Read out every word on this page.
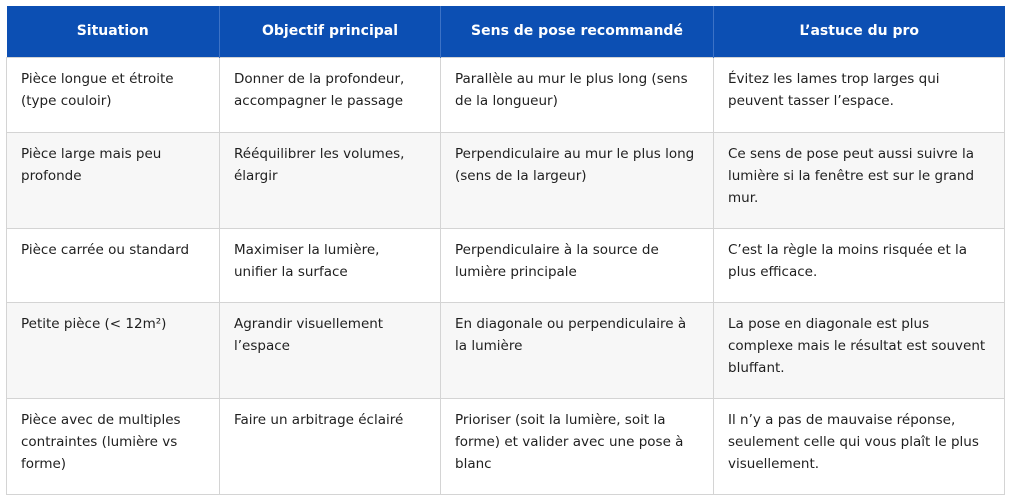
Situation	Objectif principal	Sens de pose recommandé	L’astuce du pro
Pièce longue et étroite (type couloir)	Donner de la profondeur, accompagner le passage	Parallèle au mur le plus long (sens de la longueur)	Évitez les lames trop larges qui peuvent tasser l’espace.
Pièce large mais peu profonde	Rééquilibrer les volumes, élargir	Perpendiculaire au mur le plus long (sens de la largeur)	Ce sens de pose peut aussi suivre la lumière si la fenêtre est sur le grand mur.
Pièce carrée ou standard	Maximiser la lumière, unifier la surface	Perpendiculaire à la source de lumière principale	C’est la règle la moins risquée et la plus efficace.
Petite pièce (< 12m²)	Agrandir visuellement l’espace	En diagonale ou perpendiculaire à la lumière	La pose en diagonale est plus complexe mais le résultat est souvent bluffant.
Pièce avec de multiples contraintes (lumière vs forme)	Faire un arbitrage éclairé	Prioriser (soit la lumière, soit la forme) et valider avec une pose à blanc	Il n’y a pas de mauvaise réponse, seulement celle qui vous plaît le plus visuellement.
